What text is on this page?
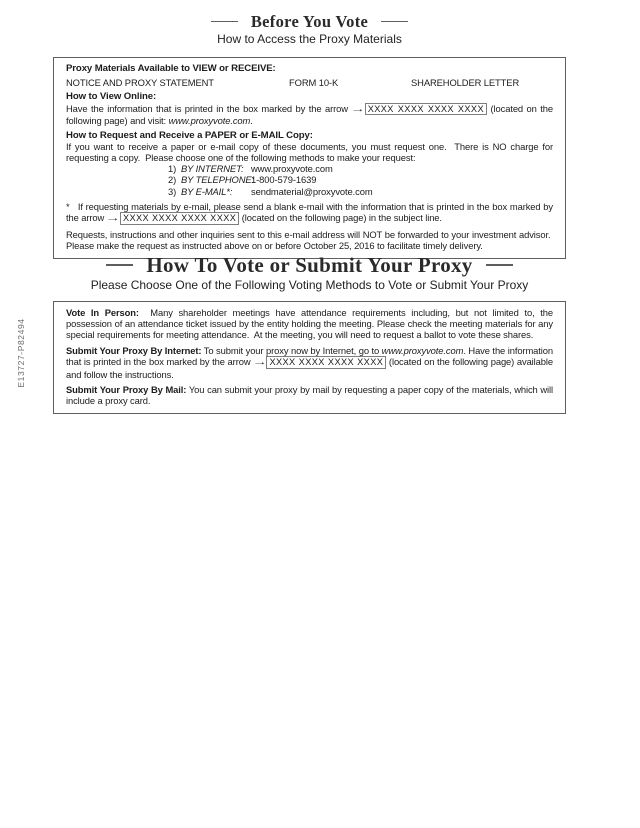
E13727-P82494
Before You Vote
How to Access the Proxy Materials
Proxy Materials Available to VIEW or RECEIVE:
NOTICE AND PROXY STATEMENT	FORM 10-K	SHAREHOLDER LETTER
How to View Online:

Have the information that is printed in the box marked by the arrow → XXXX XXXX XXXX XXXX (located on the following page) and visit: www.proxyvote.com.

How to Request and Receive a PAPER or E-MAIL Copy:

If you want to receive a paper or e-mail copy of these documents, you must request one.  There is NO charge for requesting a copy.  Please choose one of the following methods to make your request:

1) BY INTERNET: www.proxyvote.com
2) BY TELEPHONE:1-800-579-1639
3) BY E-MAIL*: sendmaterial@proxyvote.com

*   If requesting materials by e-mail, please send a blank e-mail with the information that is printed in the box marked by the arrow → XXXX XXXX XXXX XXXX (located on the following page) in the subject line.

Requests, instructions and other inquiries sent to this e-mail address will NOT be forwarded to your investment advisor.  Please make the request as instructed above on or before October 25, 2016 to facilitate timely delivery.

How To Vote or Submit Your Proxy
Please Choose One of the Following Voting Methods to Vote or Submit Your Proxy

Vote In Person:  Many shareholder meetings have attendance requirements including, but not limited to, the possession of an attendance ticket issued by the entity holding the meeting. Please check the meeting materials for any special requirements for meeting attendance.  At the meeting, you will need to request a ballot to vote these shares.

Submit Your Proxy By Internet: To submit your proxy now by Internet, go to www.proxyvote.com. Have the information that is printed in the box marked by the arrow → XXXX XXXX XXXX XXXX (located on the following page) available and follow the instructions.

Submit Your Proxy By Mail: You can submit your proxy by mail by requesting a paper copy of the materials, which will include a proxy card.
